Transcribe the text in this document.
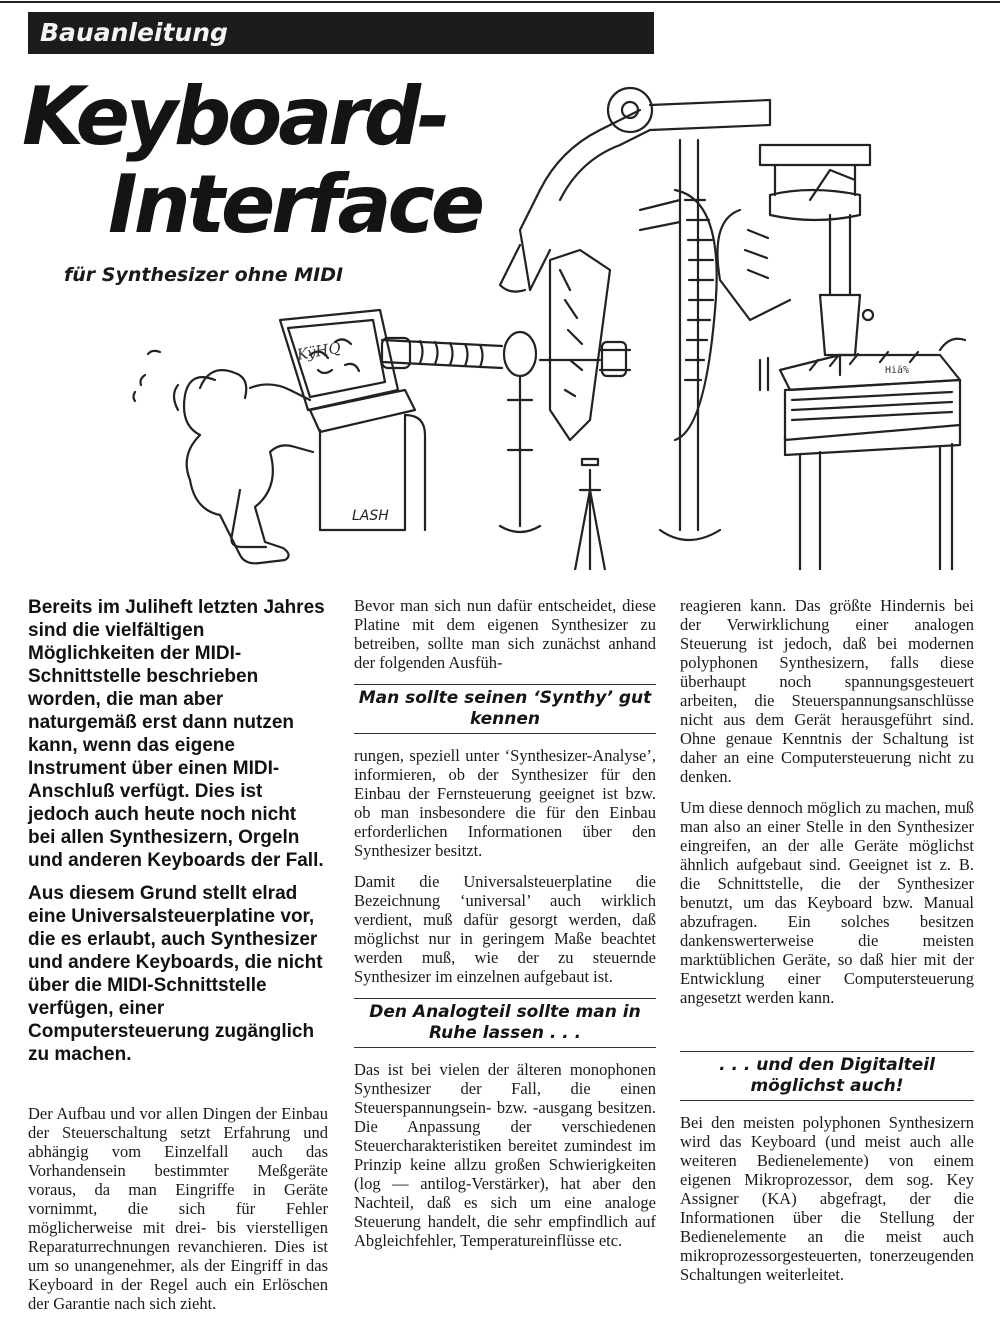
Bauanleitung
Keyboard-
Interface
für Synthesizer ohne MIDI
LASH
KÿHQ
Hiä%

Bereits im Juliheft letzten Jahres sind die vielfältigen Möglichkeiten der MIDI-Schnittstelle beschrieben worden, die man aber naturgemäß erst dann nutzen kann, wenn das eigene Instrument über einen MIDI-Anschluß verfügt. Dies ist jedoch auch heute noch nicht bei allen Synthesizern, Orgeln und anderen Keyboards der Fall.

Aus diesem Grund stellt elrad eine Universalsteuerplatine vor, die es erlaubt, auch Synthesizer und andere Keyboards, die nicht über die MIDI-Schnittstelle verfügen, einer Computersteuerung zugänglich zu machen.

Der Aufbau und vor allen Dingen der Einbau der Steuerschaltung setzt Erfahrung und abhängig vom Einzelfall auch das Vorhandensein bestimmter Meßgeräte voraus, da man Eingriffe in Geräte vornimmt, die sich für Fehler möglicherweise mit drei- bis vierstelligen Reparaturrechnungen revanchieren. Dies ist um so unangenehmer, als der Eingriff in das Keyboard in der Regel auch ein Erlöschen der Garantie nach sich zieht.

Bevor man sich nun dafür entscheidet, diese Platine mit dem eigenen Synthesizer zu betreiben, sollte man sich zunächst anhand der folgenden Ausfüh-

Man sollte seinen ‘Synthy’ gut kennen

rungen, speziell unter ‘Synthesizer-Analyse’, informieren, ob der Synthesizer für den Einbau der Fernsteuerung geeignet ist bzw. ob man insbesondere die für den Einbau erforderlichen Informationen über den Synthesizer besitzt.

Damit die Universalsteuerplatine die Bezeichnung ‘universal’ auch wirklich verdient, muß dafür gesorgt werden, daß möglichst nur in geringem Maße beachtet werden muß, wie der zu steuernde Synthesizer im einzelnen aufgebaut ist.

Den Analogteil sollte man in Ruhe lassen . . .

Das ist bei vielen der älteren monophonen Synthesizer der Fall, die einen Steuerspannungsein- bzw. -ausgang besitzen. Die Anpassung der verschiedenen Steuercharakteristiken bereitet zumindest im Prinzip keine allzu großen Schwierigkeiten (log — antilog-Verstärker), hat aber den Nachteil, daß es sich um eine analoge Steuerung handelt, die sehr empfindlich auf Abgleichfehler, Temperatureinflüsse etc.

reagieren kann. Das größte Hindernis bei der Verwirklichung einer analogen Steuerung ist jedoch, daß bei modernen polyphonen Synthesizern, falls diese überhaupt noch spannungsgesteuert arbeiten, die Steuerspannungsanschlüsse nicht aus dem Gerät herausgeführt sind. Ohne genaue Kenntnis der Schaltung ist daher an eine Computersteuerung nicht zu denken.

Um diese dennoch möglich zu machen, muß man also an einer Stelle in den Synthesizer eingreifen, an der alle Geräte möglichst ähnlich aufgebaut sind. Geeignet ist z. B. die Schnittstelle, die der Synthesizer benutzt, um das Keyboard bzw. Manual abzufragen. Ein solches besitzen dankenswerterweise die meisten marktüblichen Geräte, so daß hier mit der Entwicklung einer Computersteuerung angesetzt werden kann.

. . . und den Digitalteil möglichst auch!

Bei den meisten polyphonen Synthesizern wird das Keyboard (und meist auch alle weiteren Bedienelemente) von einem eigenen Mikroprozessor, dem sog. Key Assigner (KA) abgefragt, der die Informationen über die Stellung der Bedienelemente an die meist auch mikroprozessorgesteuerten, tonerzeugenden Schaltungen weiterleitet.
